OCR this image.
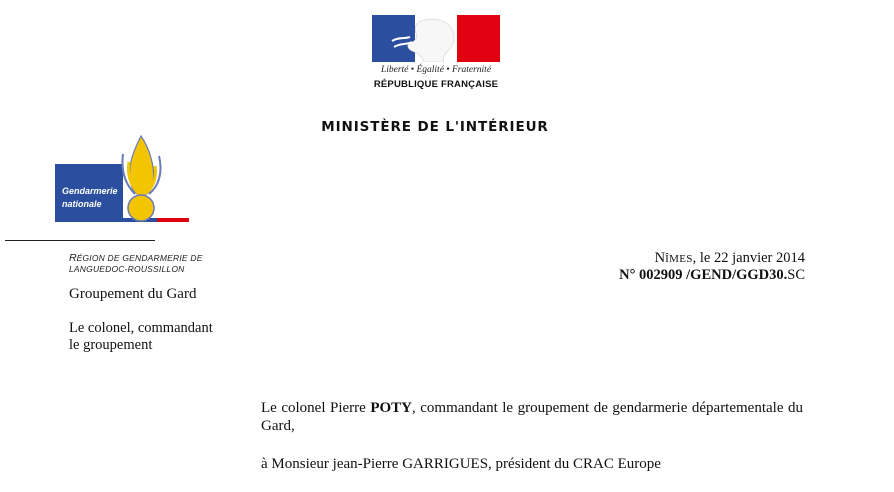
Liberté • Égalité • Fraternité
RÉPUBLIQUE FRANÇAISE
MINISTÈRE DE L'INTÉRIEUR
Gendarmerie
nationale
RÉGION DE GENDARMERIE DE
LANGUEDOC-ROUSSILLON
Groupement du Gard
Le colonel, commandant
le groupement
NÎMES, le 22 janvier 2014
N° 002909 /GEND/GGD30.SC
Le colonel Pierre POTY, commandant le groupement de gendarmerie départementale du Gard,
à Monsieur jean-Pierre GARRIGUES, président du CRAC Europe
